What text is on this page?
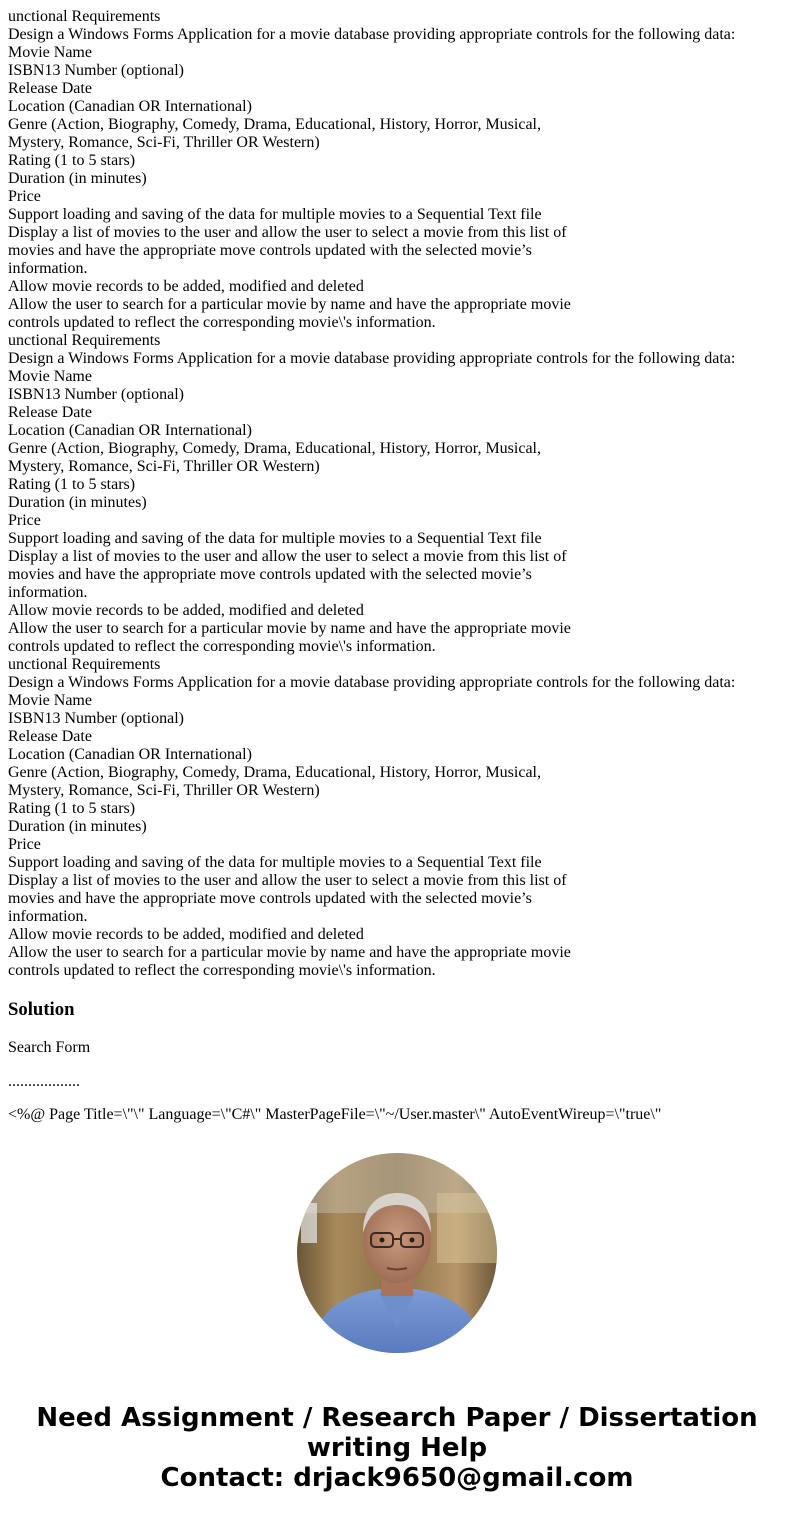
unctional Requirements
Design a Windows Forms Application for a movie database providing appropriate controls for the following data:
Movie Name
ISBN13 Number (optional)
Release Date
Location (Canadian OR International)
Genre (Action, Biography, Comedy, Drama, Educational, History, Horror, Musical,
Mystery, Romance, Sci-Fi, Thriller OR Western)
Rating (1 to 5 stars)
Duration (in minutes)
Price
Support loading and saving of the data for multiple movies to a Sequential Text file
Display a list of movies to the user and allow the user to select a movie from this list of
movies and have the appropriate move controls updated with the selected movie’s
information.
Allow movie records to be added, modified and deleted
Allow the user to search for a particular movie by name and have the appropriate movie
controls updated to reflect the corresponding movie\'s information.
unctional Requirements
Design a Windows Forms Application for a movie database providing appropriate controls for the following data:
Movie Name
ISBN13 Number (optional)
Release Date
Location (Canadian OR International)
Genre (Action, Biography, Comedy, Drama, Educational, History, Horror, Musical,
Mystery, Romance, Sci-Fi, Thriller OR Western)
Rating (1 to 5 stars)
Duration (in minutes)
Price
Support loading and saving of the data for multiple movies to a Sequential Text file
Display a list of movies to the user and allow the user to select a movie from this list of
movies and have the appropriate move controls updated with the selected movie’s
information.
Allow movie records to be added, modified and deleted
Allow the user to search for a particular movie by name and have the appropriate movie
controls updated to reflect the corresponding movie\'s information.
unctional Requirements
Design a Windows Forms Application for a movie database providing appropriate controls for the following data:
Movie Name
ISBN13 Number (optional)
Release Date
Location (Canadian OR International)
Genre (Action, Biography, Comedy, Drama, Educational, History, Horror, Musical,
Mystery, Romance, Sci-Fi, Thriller OR Western)
Rating (1 to 5 stars)
Duration (in minutes)
Price
Support loading and saving of the data for multiple movies to a Sequential Text file
Display a list of movies to the user and allow the user to select a movie from this list of
movies and have the appropriate move controls updated with the selected movie’s
information.
Allow movie records to be added, modified and deleted
Allow the user to search for a particular movie by name and have the appropriate movie
controls updated to reflect the corresponding movie\'s information.
Solution

Search Form

..................

<%@ Page Title=\"\" Language=\"C#\" MasterPageFile=\"~/User.master\" AutoEventWireup=\"true\"
Need Assignment / Research Paper / Dissertation
writing Help
Contact: drjack9650@gmail.com
